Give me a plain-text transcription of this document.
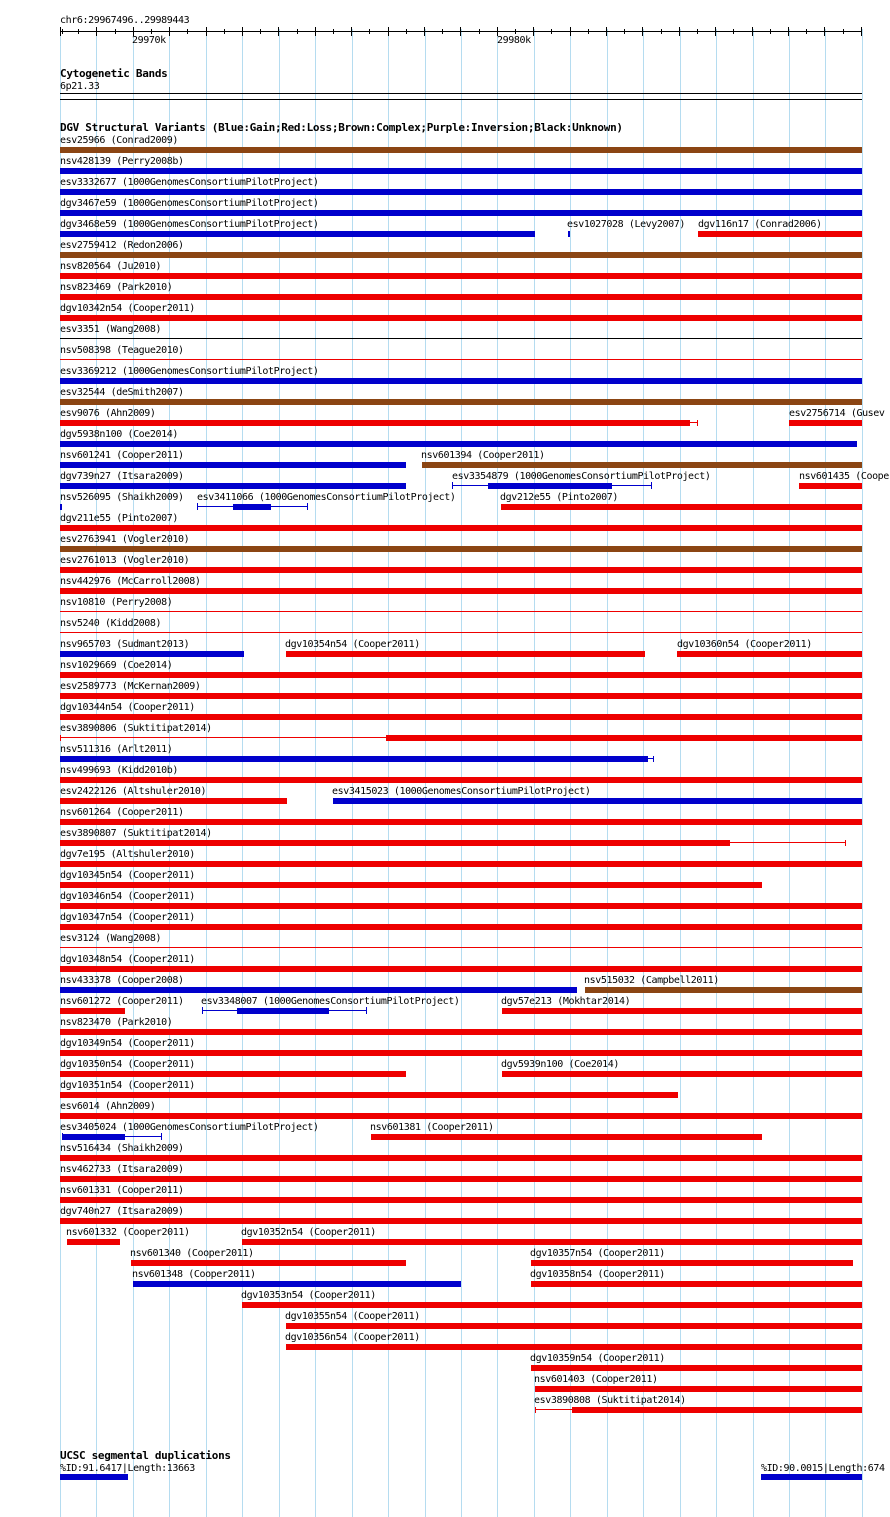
chr6:29967496..29989443
29970k	29980k
Cytogenetic Bands
6p21.33
DGV Structural Variants (Blue:Gain;Red:Loss;Brown:Complex;Purple:Inversion;Black:Unknown)
esv25966 (Conrad2009)
nsv428139 (Perry2008b)
esv3332677 (1000GenomesConsortiumPilotProject)
dgv3467e59 (1000GenomesConsortiumPilotProject)
dgv3468e59 (1000GenomesConsortiumPilotProject)	esv1027028 (Levy2007) dgv116n17 (Conrad2006)
esv2759412 (Redon2006)
nsv820564 (Ju2010)
nsv823469 (Park2010)
dgv10342n54 (Cooper2011)
esv3351 (Wang2008)
nsv508398 (Teague2010)
esv3369212 (1000GenomesConsortiumPilotProject)
esv32544 (deSmith2007)
esv9076 (Ahn2009)	esv2756714 (Gusev
dgv5938n100 (Coe2014)
nsv601241 (Cooper2011)	nsv601394 (Cooper2011)
dgv739n27 (Itsara2009)	esv3354879 (1000GenomesConsortiumPilotProject)	nsv601435 (Coope
nsv526095 (Shaikh2009) esv3411066 (1000GenomesConsortiumPilotProject)	dgv212e55 (Pinto2007)
dgv211e55 (Pinto2007)
esv2763941 (Vogler2010)
esv2761013 (Vogler2010)
nsv442976 (McCarroll2008)
nsv10810 (Perry2008)
nsv5240 (Kidd2008)
nsv965703 (Sudmant2013)	dgv10354n54 (Cooper2011)	dgv10360n54 (Cooper2011)
nsv1029669 (Coe2014)
esv2589773 (McKernan2009)
dgv10344n54 (Cooper2011)
esv3890806 (Suktitipat2014)
nsv511316 (Arlt2011)
nsv499693 (Kidd2010b)
esv2422126 (Altshuler2010)	esv3415023 (1000GenomesConsortiumPilotProject)
nsv601264 (Cooper2011)
esv3890807 (Suktitipat2014)
dgv7e195 (Altshuler2010)
dgv10345n54 (Cooper2011)
dgv10346n54 (Cooper2011)
dgv10347n54 (Cooper2011)
esv3124 (Wang2008)
dgv10348n54 (Cooper2011)
nsv433378 (Cooper2008)	nsv515032 (Campbell2011)
nsv601272 (Cooper2011) esv3348007 (1000GenomesConsortiumPilotProject)	dgv57e213 (Mokhtar2014)
nsv823470 (Park2010)
dgv10349n54 (Cooper2011)
dgv10350n54 (Cooper2011)	dgv5939n100 (Coe2014)
dgv10351n54 (Cooper2011)
esv6014 (Ahn2009)
esv3405024 (1000GenomesConsortiumPilotProject)	nsv601381 (Cooper2011)
nsv516434 (Shaikh2009)
nsv462733 (Itsara2009)
nsv601331 (Cooper2011)
dgv740n27 (Itsara2009)
nsv601332 (Cooper2011)	dgv10352n54 (Cooper2011)
nsv601340 (Cooper2011)	dgv10357n54 (Cooper2011)
nsv601348 (Cooper2011)	dgv10358n54 (Cooper2011)
dgv10353n54 (Cooper2011)
dgv10355n54 (Cooper2011)
dgv10356n54 (Cooper2011)
dgv10359n54 (Cooper2011)
nsv601403 (Cooper2011)
esv3890808 (Suktitipat2014)
UCSC segmental duplications
%ID:91.6417|Length:13663	%ID:90.0015|Length:674
